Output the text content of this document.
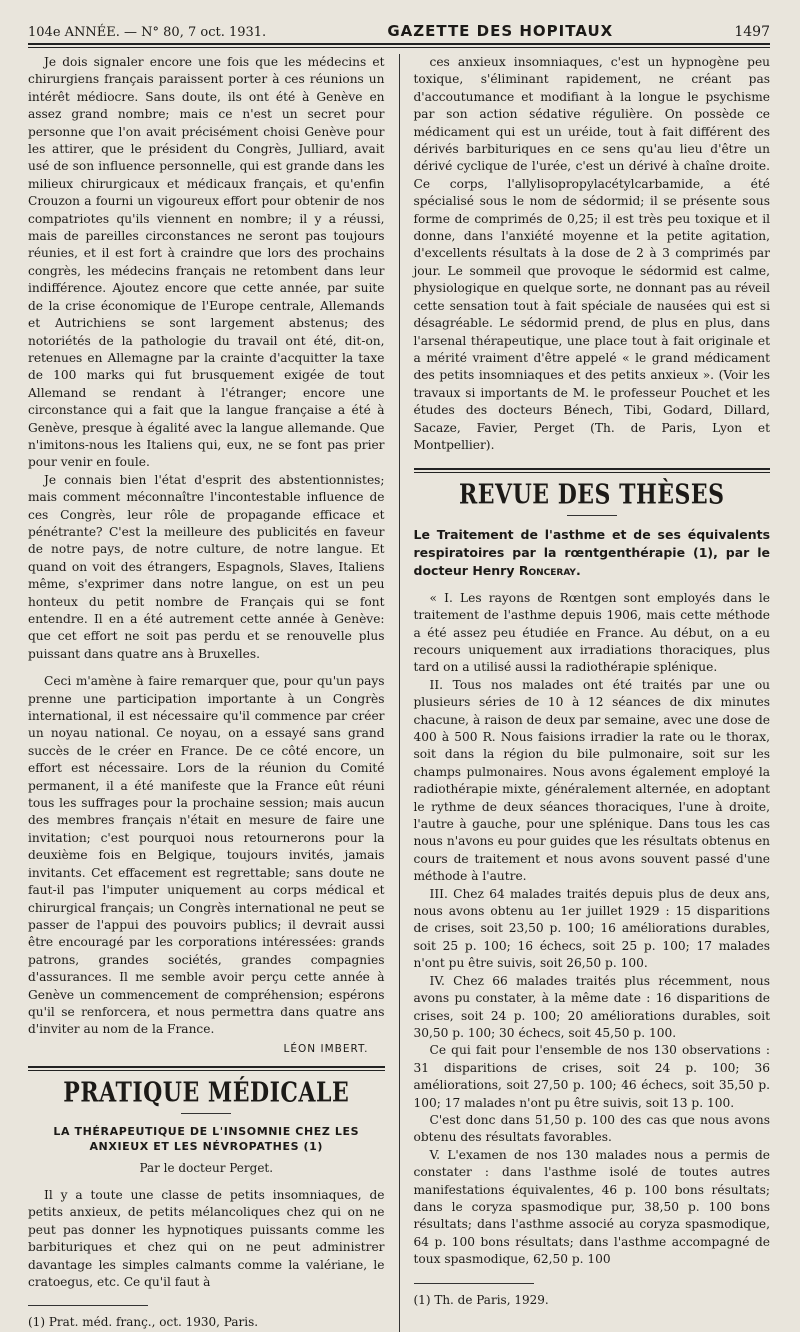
104e ANNÉE. — N° 80, 7 oct. 1931.	GAZETTE DES HOPITAUX	1497

Je dois signaler encore une fois que les médecins et chirurgiens français paraissent porter à ces réunions un intérêt médiocre. Sans doute, ils ont été à Genève en assez grand nombre; mais ce n'est un secret pour personne que l'on avait précisément choisi Genève pour les attirer, que le président du Congrès, Julliard, avait usé de son influence personnelle, qui est grande dans les milieux chirurgicaux et médicaux français, et qu'enfin Crouzon a fourni un vigoureux effort pour obtenir de nos compatriotes qu'ils viennent en nombre; il y a réussi, mais de pareilles circonstances ne seront pas toujours réunies, et il est fort à craindre que lors des prochains congrès, les médecins français ne retombent dans leur indifférence. Ajoutez encore que cette année, par suite de la crise économique de l'Europe centrale, Allemands et Autrichiens se sont largement abstenus; des notoriétés de la pathologie du travail ont été, dit-on, retenues en Allemagne par la crainte d'acquitter la taxe de 100 marks qui fut brusquement exigée de tout Allemand se rendant à l'étranger; encore une circonstance qui a fait que la langue française a été à Genève, presque à égalité avec la langue allemande. Que n'imitons-nous les Italiens qui, eux, ne se font pas prier pour venir en foule.

Je connais bien l'état d'esprit des abstentionnistes; mais comment méconnaître l'incontestable influence de ces Congrès, leur rôle de propagande efficace et pénétrante? C'est la meilleure des publicités en faveur de notre pays, de notre culture, de notre langue. Et quand on voit des étrangers, Espagnols, Slaves, Italiens même, s'exprimer dans notre langue, on est un peu honteux du petit nombre de Français qui se font entendre. Il en a été autrement cette année à Genève: que cet effort ne soit pas perdu et se renouvelle plus puissant dans quatre ans à Bruxelles.

Ceci m'amène à faire remarquer que, pour qu'un pays prenne une participation importante à un Congrès international, il est nécessaire qu'il commence par créer un noyau national. Ce noyau, on a essayé sans grand succès de le créer en France. De ce côté encore, un effort est nécessaire. Lors de la réunion du Comité permanent, il a été manifeste que la France eût réuni tous les suffrages pour la prochaine session; mais aucun des membres français n'était en mesure de faire une invitation; c'est pourquoi nous retournerons pour la deuxième fois en Belgique, toujours invités, jamais invitants. Cet effacement est regrettable; sans doute ne faut-il pas l'imputer uniquement au corps médical et chirurgical français; un Congrès international ne peut se passer de l'appui des pouvoirs publics; il devrait aussi être encouragé par les corporations intéressées: grands patrons, grandes sociétés, grandes compagnies d'assurances. Il me semble avoir perçu cette année à Genève un commencement de compréhension; espérons qu'il se renforcera, et nous permettra dans quatre ans d'inviter au nom de la France.

LÉON IMBERT.
PRATIQUE MÉDICALE
LA THÉRAPEUTIQUE DE L'INSOMNIE CHEZ LES ANXIEUX ET LES NÉVROPATHES (1)
Par le docteur Perget.

Il y a toute une classe de petits insomniaques, de petits anxieux, de petits mélancoliques chez qui on ne peut pas donner les hypnotiques puissants comme les barbituriques et chez qui on ne peut administrer davantage les simples calmants comme la valériane, le cratoegus, etc. Ce qu'il faut à

(1) Prat. méd. franç., oct. 1930, Paris.

ces anxieux insomniaques, c'est un hypnogène peu toxique, s'éliminant rapidement, ne créant pas d'accoutumance et modifiant à la longue le psychisme par son action sédative régulière. On possède ce médicament qui est un uréide, tout à fait différent des dérivés barbituriques en ce sens qu'au lieu d'être un dérivé cyclique de l'urée, c'est un dérivé à chaîne droite. Ce corps, l'allylisopropylacétylcarbamide, a été spécialisé sous le nom de sédormid; il se présente sous forme de comprimés de 0,25; il est très peu toxique et il donne, dans l'anxiété moyenne et la petite agitation, d'excellents résultats à la dose de 2 à 3 comprimés par jour. Le sommeil que provoque le sédormid est calme, physiologique en quelque sorte, ne donnant pas au réveil cette sensation tout à fait spéciale de nausées qui est si désagréable. Le sédormid prend, de plus en plus, dans l'arsenal thérapeutique, une place tout à fait originale et a mérité vraiment d'être appelé « le grand médicament des petits insomniaques et des petits anxieux ». (Voir les travaux si importants de M. le professeur Pouchet et les études des docteurs Bénech, Tibi, Godard, Dillard, Sacaze, Favier, Perget (Th. de Paris, Lyon et Montpellier).

REVUE DES THÈSES
Le Traitement de l'asthme et de ses équivalents respiratoires par la rœntgenthérapie (1), par le docteur Henry Ronceray.

« I. Les rayons de Rœntgen sont employés dans le traitement de l'asthme depuis 1906, mais cette méthode a été assez peu étudiée en France. Au début, on a eu recours uniquement aux irradiations thoraciques, plus tard on a utilisé aussi la radiothérapie splénique.

II. Tous nos malades ont été traités par une ou plusieurs séries de 10 à 12 séances de dix minutes chacune, à raison de deux par semaine, avec une dose de 400 à 500 R. Nous faisions irradier la rate ou le thorax, soit dans la région du bile pulmonaire, soit sur les champs pulmonaires. Nous avons également employé la radiothérapie mixte, généralement alternée, en adoptant le rythme de deux séances thoraciques, l'une à droite, l'autre à gauche, pour une splénique. Dans tous les cas nous n'avons eu pour guides que les résultats obtenus en cours de traitement et nous avons souvent passé d'une méthode à l'autre.

III. Chez 64 malades traités depuis plus de deux ans, nous avons obtenu au 1er juillet 1929 : 15 disparitions de crises, soit 23,50 p. 100; 16 améliorations durables, soit 25 p. 100; 16 échecs, soit 25 p. 100; 17 malades n'ont pu être suivis, soit 26,50 p. 100.

IV. Chez 66 malades traités plus récemment, nous avons pu constater, à la même date : 16 disparitions de crises, soit 24 p. 100; 20 améliorations durables, soit 30,50 p. 100; 30 échecs, soit 45,50 p. 100.

Ce qui fait pour l'ensemble de nos 130 observations : 31 disparitions de crises, soit 24 p. 100; 36 améliorations, soit 27,50 p. 100; 46 échecs, soit 35,50 p. 100; 17 malades n'ont pu être suivis, soit 13 p. 100.

C'est donc dans 51,50 p. 100 des cas que nous avons obtenu des résultats favorables.

V. L'examen de nos 130 malades nous a permis de constater : dans l'asthme isolé de toutes autres manifestations équivalentes, 46 p. 100 bons résultats; dans le coryza spasmodique pur, 38,50 p. 100 bons résultats; dans l'asthme associé au coryza spasmodique, 64 p. 100 bons résultats; dans l'asthme accompagné de toux spasmodique, 62,50 p. 100

(1) Th. de Paris, 1929.
